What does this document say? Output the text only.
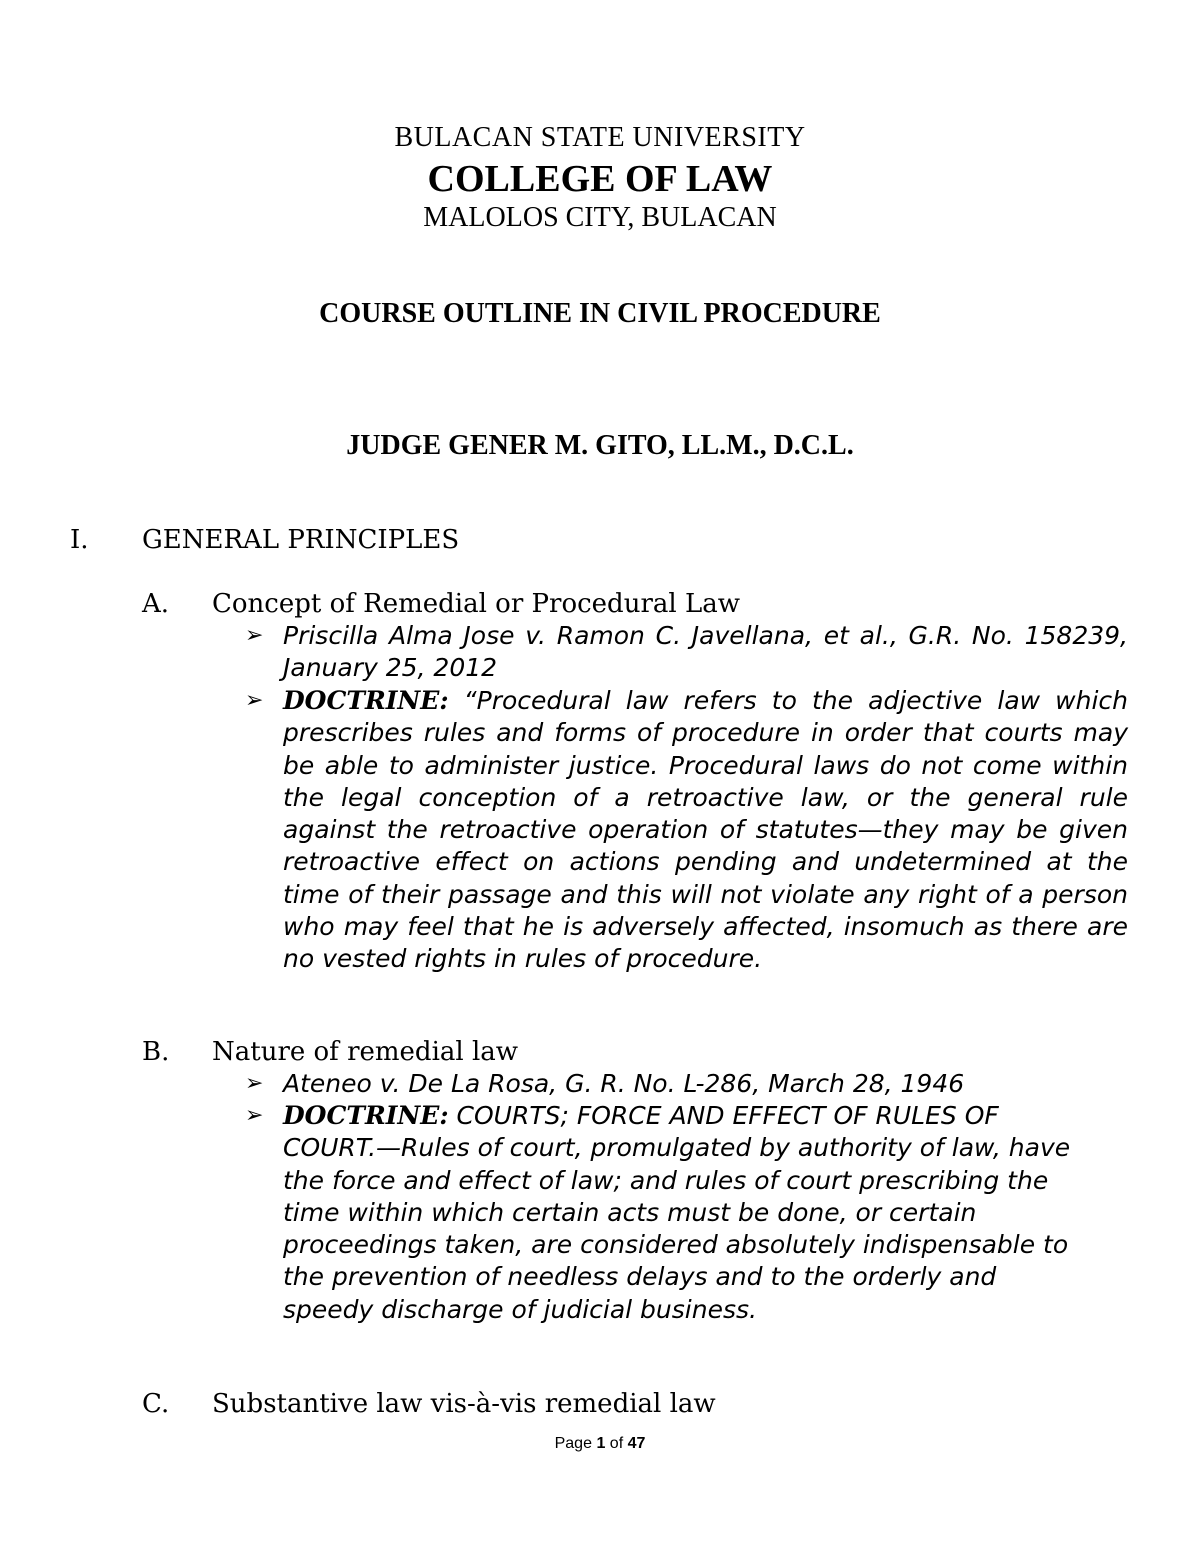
BULACAN STATE UNIVERSITY
COLLEGE OF LAW
MALOLOS CITY, BULACAN
COURSE OUTLINE IN CIVIL PROCEDURE
JUDGE GENER M. GITO, LL.M., D.C.L.
I. GENERAL PRINCIPLES
A. Concept of Remedial or Procedural Law
➢ Priscilla Alma Jose v. Ramon C. Javellana, et al., G.R. No. 158239, January 25, 2012
➢ DOCTRINE: “Procedural law refers to the adjective law which prescribes rules and forms of procedure in order that courts may be able to administer justice. Procedural laws do not come within the legal conception of a retroactive law, or the general rule against the retroactive operation of statutes—they may be given retroactive effect on actions pending and undetermined at the time of their passage and this will not violate any right of a person who may feel that he is adversely affected, insomuch as there are no vested rights in rules of procedure.
B. Nature of remedial law
➢ Ateneo v. De La Rosa, G. R. No. L-286, March 28, 1946
➢ DOCTRINE: COURTS; FORCE AND EFFECT OF RULES OF COURT.—Rules of court, promulgated by authority of law, have the force and effect of law; and rules of court prescribing the time within which certain acts must be done, or certain proceedings taken, are considered absolutely indispensable to the prevention of needless delays and to the orderly and speedy discharge of judicial business.
C. Substantive law vis-à-vis remedial law
Page 1 of 47
